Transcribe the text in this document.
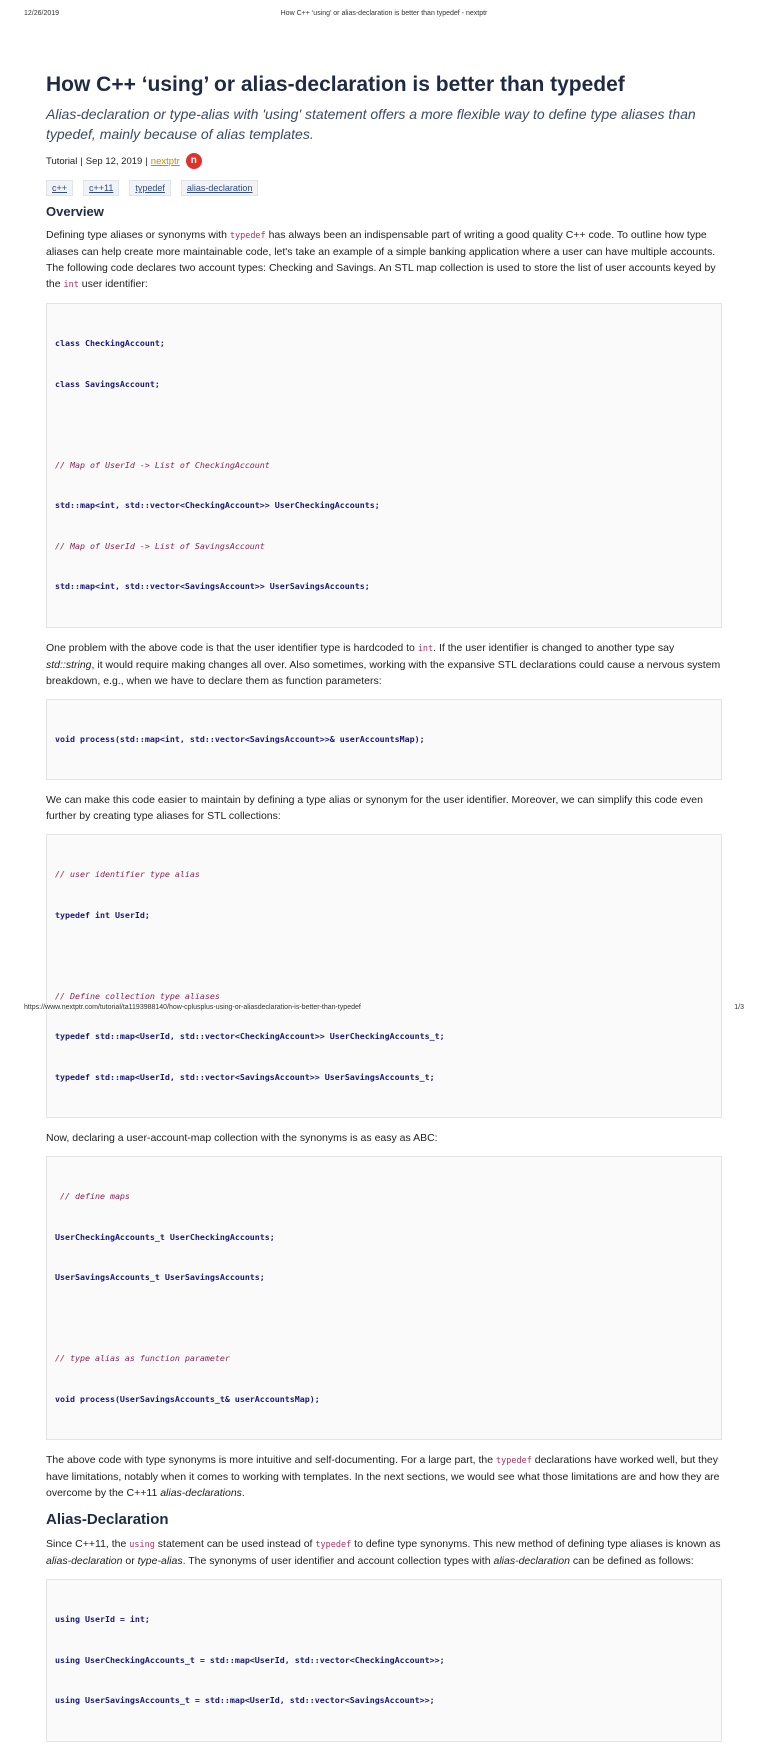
12/26/2019	How C++ ‘using’ or alias-declaration is better than typedef - nextptr
How C++ ‘using’ or alias-declaration is better than typedef
Alias-declaration or type-alias with 'using' statement offers a more flexible way to define type aliases than typedef, mainly because of alias templates.
Tutorial | Sep 12, 2019 | nextptr	n
c++	c++11	typedef	alias-declaration
Overview

Defining type aliases or synonyms with typedef has always been an indispensable part of writing a good quality C++ code. To outline how type aliases can help create more maintainable code, let's take an example of a simple banking application where a user can have multiple accounts. The following code declares two account types: Checking and Savings. An STL map collection is used to store the list of user accounts keyed by the int user identifier:

class CheckingAccount;

class SavingsAccount;

// Map of UserId -> List of CheckingAccount

std::map<int, std::vector<CheckingAccount>> UserCheckingAccounts;

// Map of UserId -> List of SavingsAccount

std::map<int, std::vector<SavingsAccount>> UserSavingsAccounts;

One problem with the above code is that the user identifier type is hardcoded to int. If the user identifier is changed to another type say std::string, it would require making changes all over. Also sometimes, working with the expansive STL declarations could cause a nervous system breakdown, e.g., when we have to declare them as function parameters:

void process(std::map<int, std::vector<SavingsAccount>>& userAccountsMap);

We can make this code easier to maintain by defining a type alias or synonym for the user identifier. Moreover, we can simplify this code even further by creating type aliases for STL collections:

// user identifier type alias

typedef int UserId;

// Define collection type aliases

typedef std::map<UserId, std::vector<CheckingAccount>> UserCheckingAccounts_t;

typedef std::map<UserId, std::vector<SavingsAccount>> UserSavingsAccounts_t;

Now, declaring a user-account-map collection with the synonyms is as easy as ABC:

// define maps

UserCheckingAccounts_t UserCheckingAccounts;

UserSavingsAccounts_t UserSavingsAccounts;

// type alias as function parameter

void process(UserSavingsAccounts_t& userAccountsMap);

The above code with type synonyms is more intuitive and self-documenting. For a large part, the typedef declarations have worked well, but they have limitations, notably when it comes to working with templates. In the next sections, we would see what those limitations are and how they are overcome by the C++11 alias-declarations.

Alias-Declaration

Since C++11, the using statement can be used instead of typedef to define type synonyms. This new method of defining type aliases is known as alias-declaration or type-alias. The synonyms of user identifier and account collection types with alias-declaration can be defined as follows:

using UserId = int;

using UserCheckingAccounts_t = std::map<UserId, std::vector<CheckingAccount>>;

using UserSavingsAccounts_t = std::map<UserId, std::vector<SavingsAccount>>;

https://www.nextptr.com/tutorial/ta1193988140/how-cplusplus-using-or-aliasdeclaration-is-better-than-typedef	1/3
